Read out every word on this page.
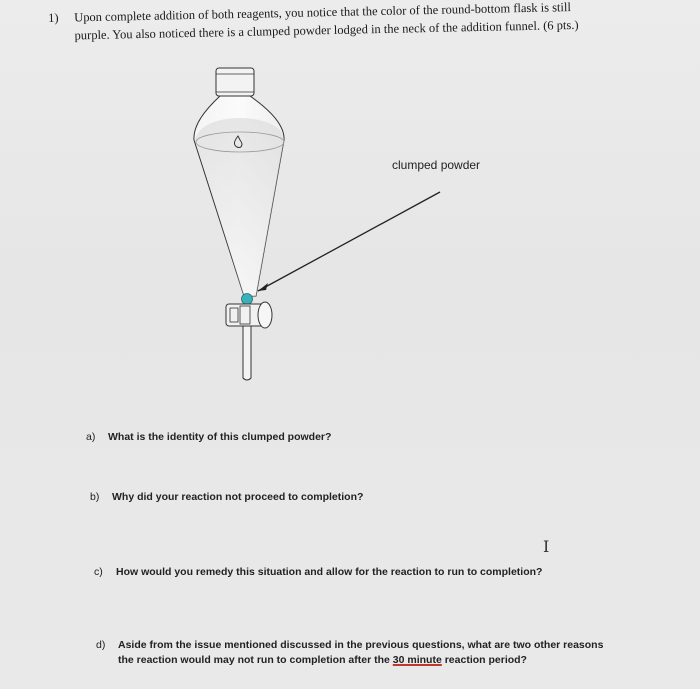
1) Upon complete addition of both reagents, you notice that the color of the round-bottom flask is still
purple. You also noticed there is a clumped powder lodged in the neck of the addition funnel. (6 pts.)
clumped powder
a) What is the identity of this clumped powder?
b) Why did your reaction not proceed to completion?
I
c) How would you remedy this situation and allow for the reaction to run to completion?
d) Aside from the issue mentioned discussed in the previous questions, what are two other reasons
the reaction would may not run to completion after the 30 minute reaction period?
